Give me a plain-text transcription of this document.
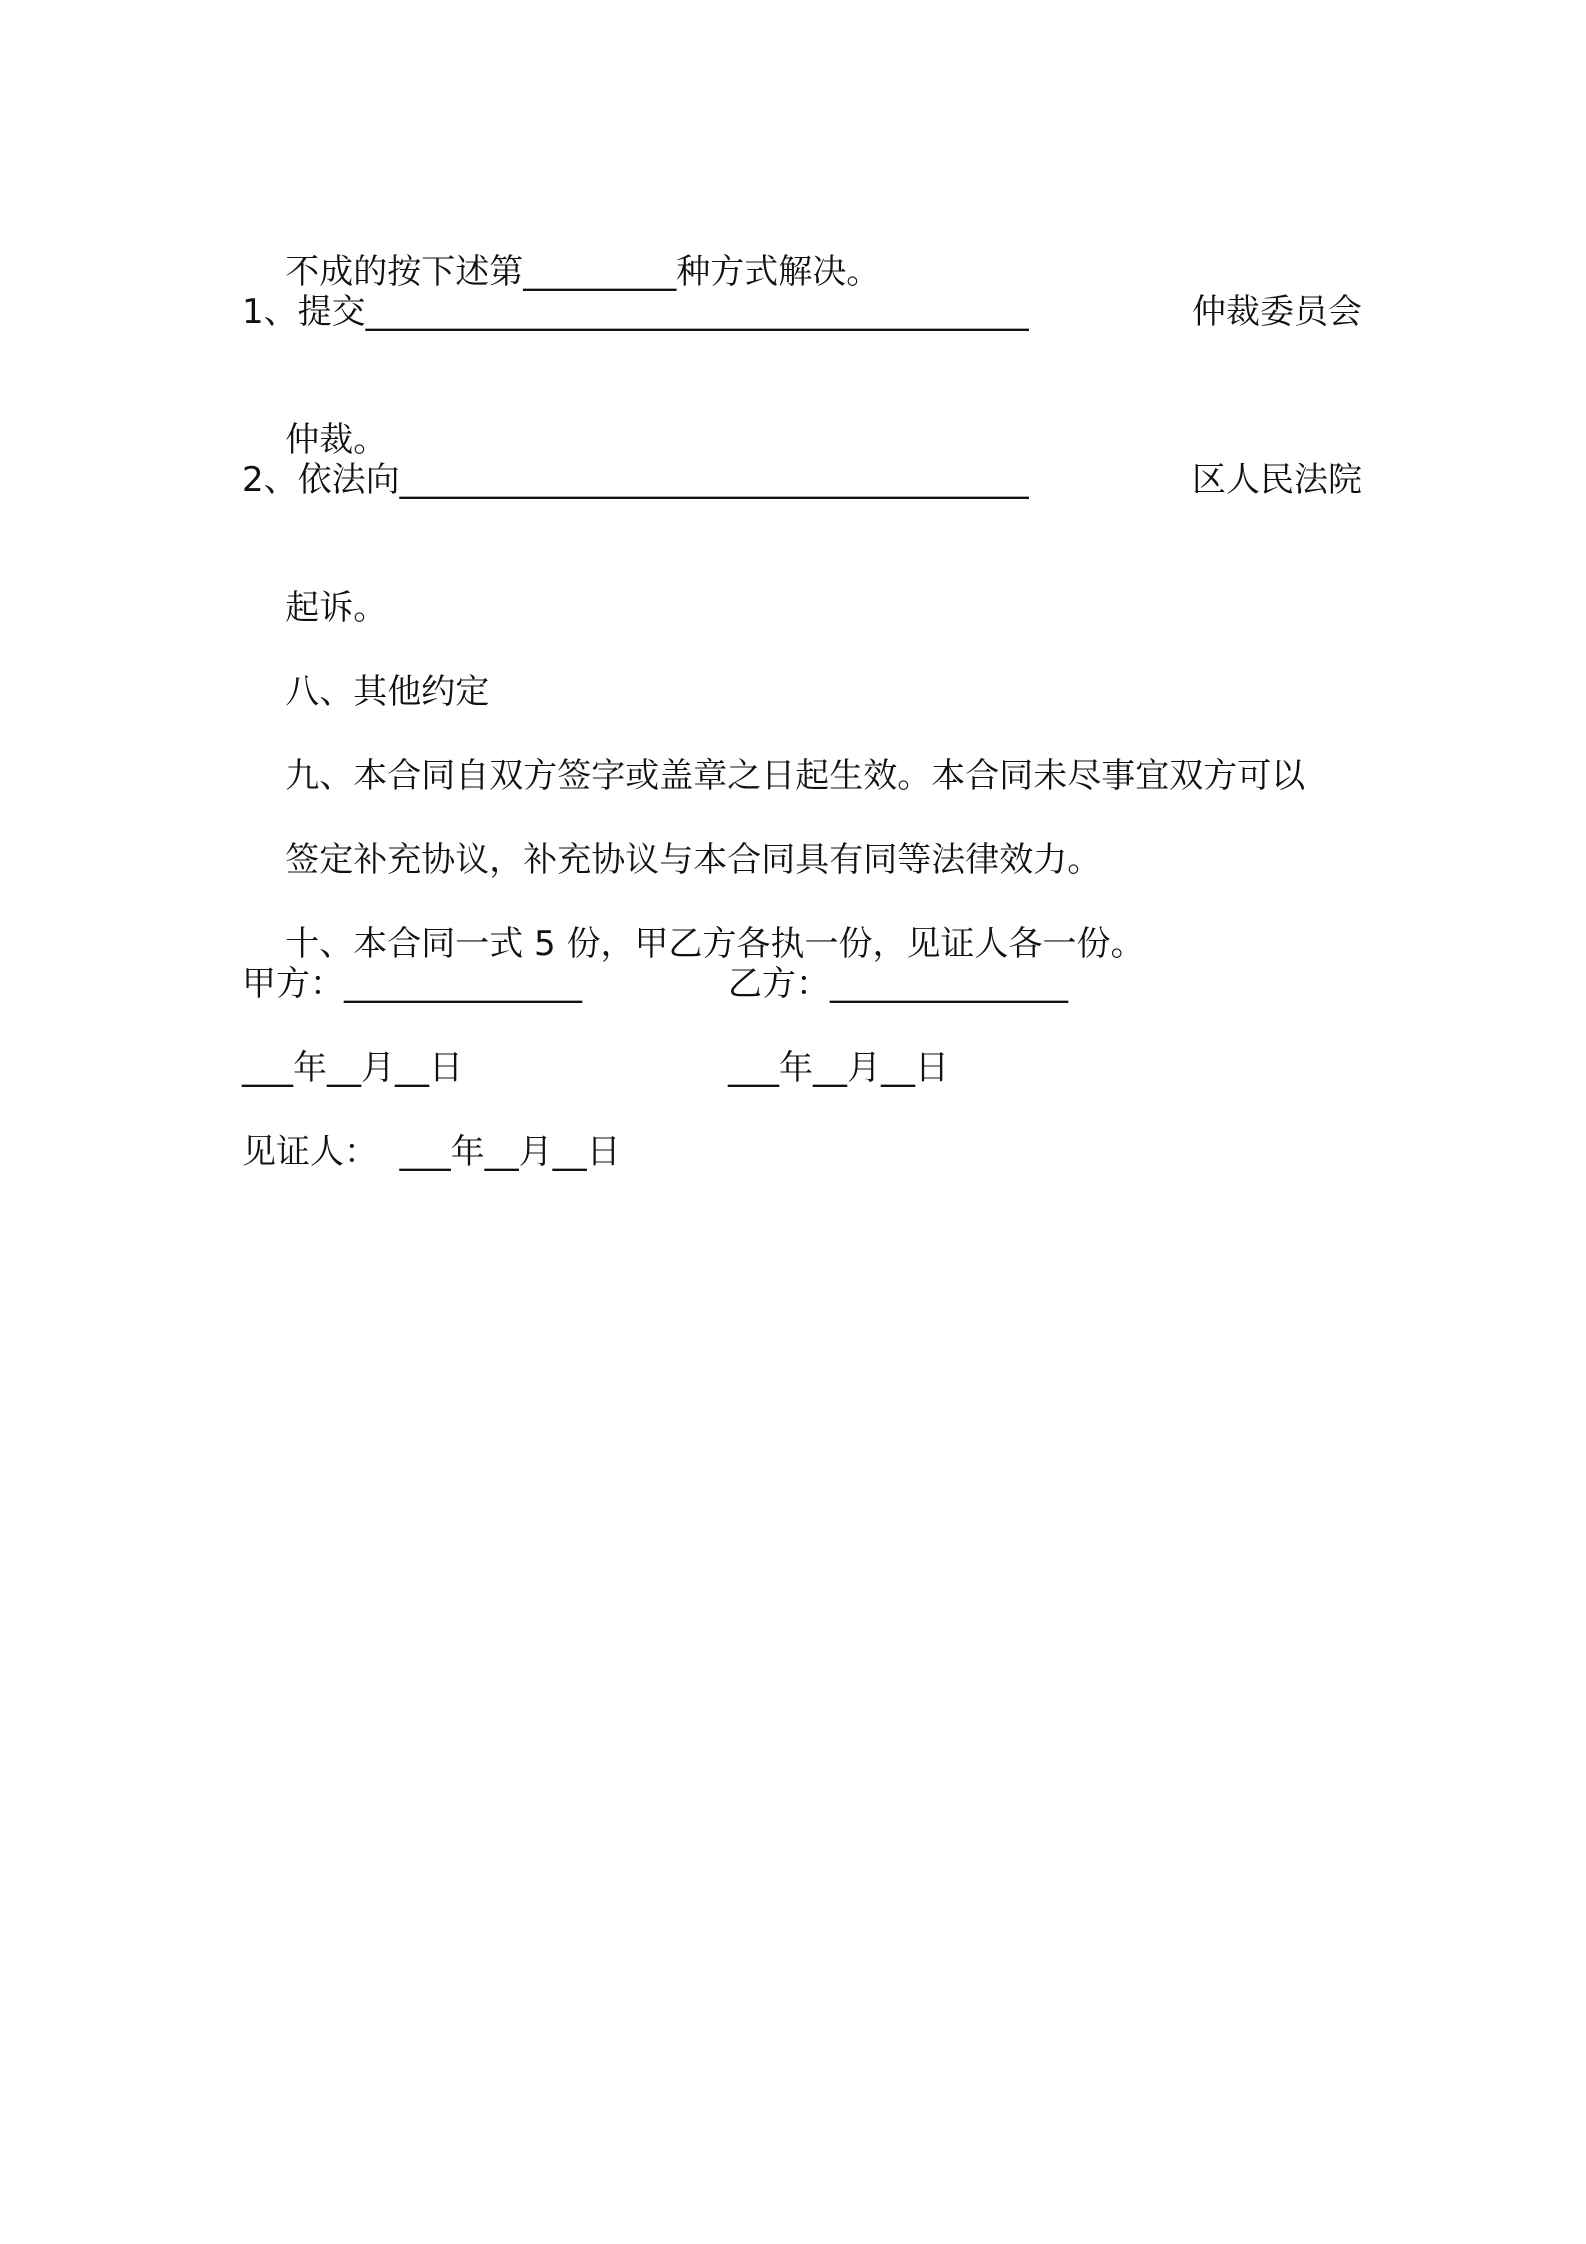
不成的按下述第_________种方式解决。

1、提交_______________________________________	仲裁委员会

仲裁。

2、依法向_____________________________________	区人民法院

起诉。

八、其他约定

九、本合同自双方签字或盖章之日起生效。本合同未尽事宜双方可以

签定补充协议，补充协议与本合同具有同等法律效力。

十、本合同一式 5 份，甲乙方各执一份，见证人各一份。

甲方：______________	乙方：______________
___年__月__日	___年__月__日
见证人：  ___年__月__日
